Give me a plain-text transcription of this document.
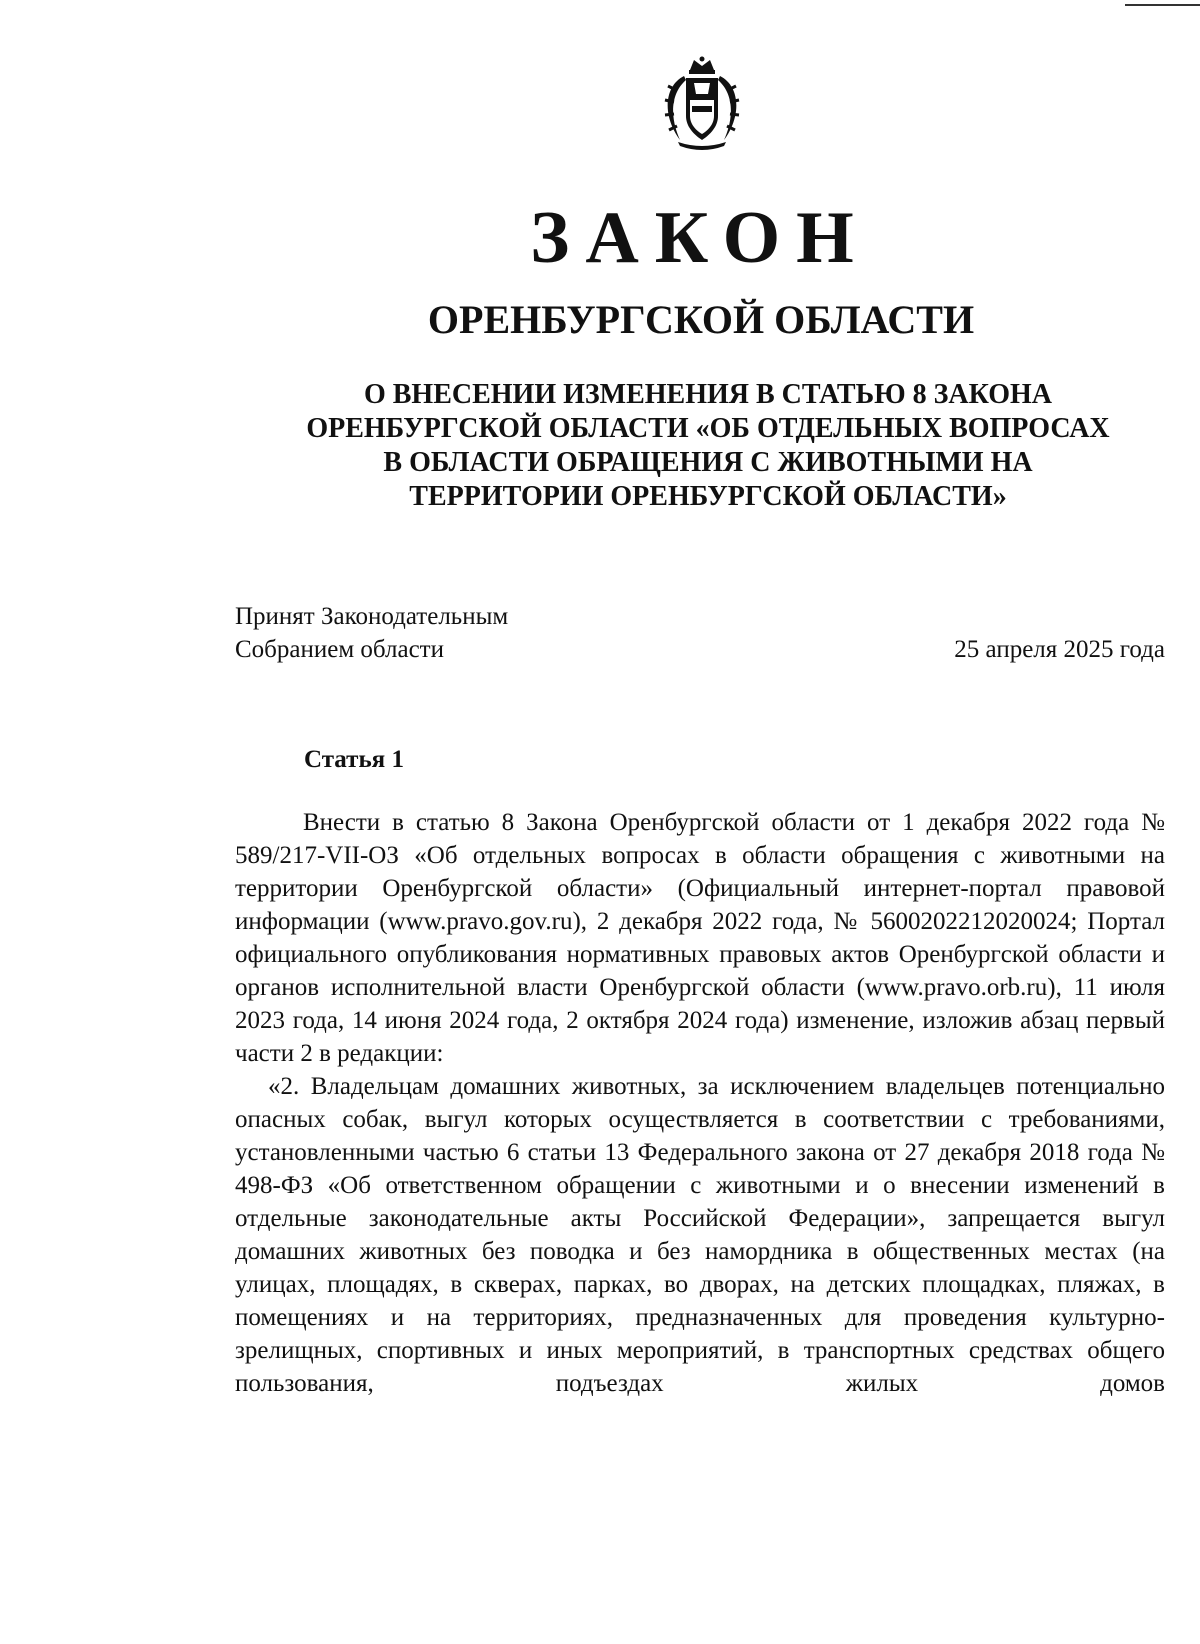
ЗАКОН
ОРЕНБУРГСКОЙ ОБЛАСТИ
О ВНЕСЕНИИ ИЗМЕНЕНИЯ В СТАТЬЮ 8 ЗАКОНА ОРЕНБУРГСКОЙ ОБЛАСТИ «ОБ ОТДЕЛЬНЫХ ВОПРОСАХ В ОБЛАСТИ ОБРАЩЕНИЯ С ЖИВОТНЫМИ НА ТЕРРИТОРИИ ОРЕНБУРГСКОЙ ОБЛАСТИ»
Принят Законодательным
Собранием области	25 апреля 2025 года
Статья 1

Внести в статью 8 Закона Оренбургской области от 1 декабря 2022 года № 589/217-VII-ОЗ «Об отдельных вопросах в области обращения с животными на территории Оренбургской области» (Официальный интернет-портал правовой информации (www.pravo.gov.ru), 2 декабря 2022 года, № 5600202212020024; Портал официального опубликования нормативных правовых актов Оренбургской области и органов исполнительной власти Оренбургской области (www.pravo.orb.ru), 11 июля 2023 года, 14 июня 2024 года, 2 октября 2024 года) изменение, изложив абзац первый части 2 в редакции:

«2. Владельцам домашних животных, за исключением владельцев потенциально опасных собак, выгул которых осуществляется в соответствии с требованиями, установленными частью 6 статьи 13 Федерального закона от 27 декабря 2018 года № 498-ФЗ «Об ответственном обращении с животными и о внесении изменений в отдельные законодательные акты Российской Федерации», запрещается выгул домашних животных без поводка и без намордника в общественных местах (на улицах, площадях, в скверах, парках, во дворах, на детских площадках, пляжах, в помещениях и на территориях, предназначенных для проведения культурно-зрелищных, спортивных и иных мероприятий, в транспортных средствах общего пользования, подъездах жилых домов
